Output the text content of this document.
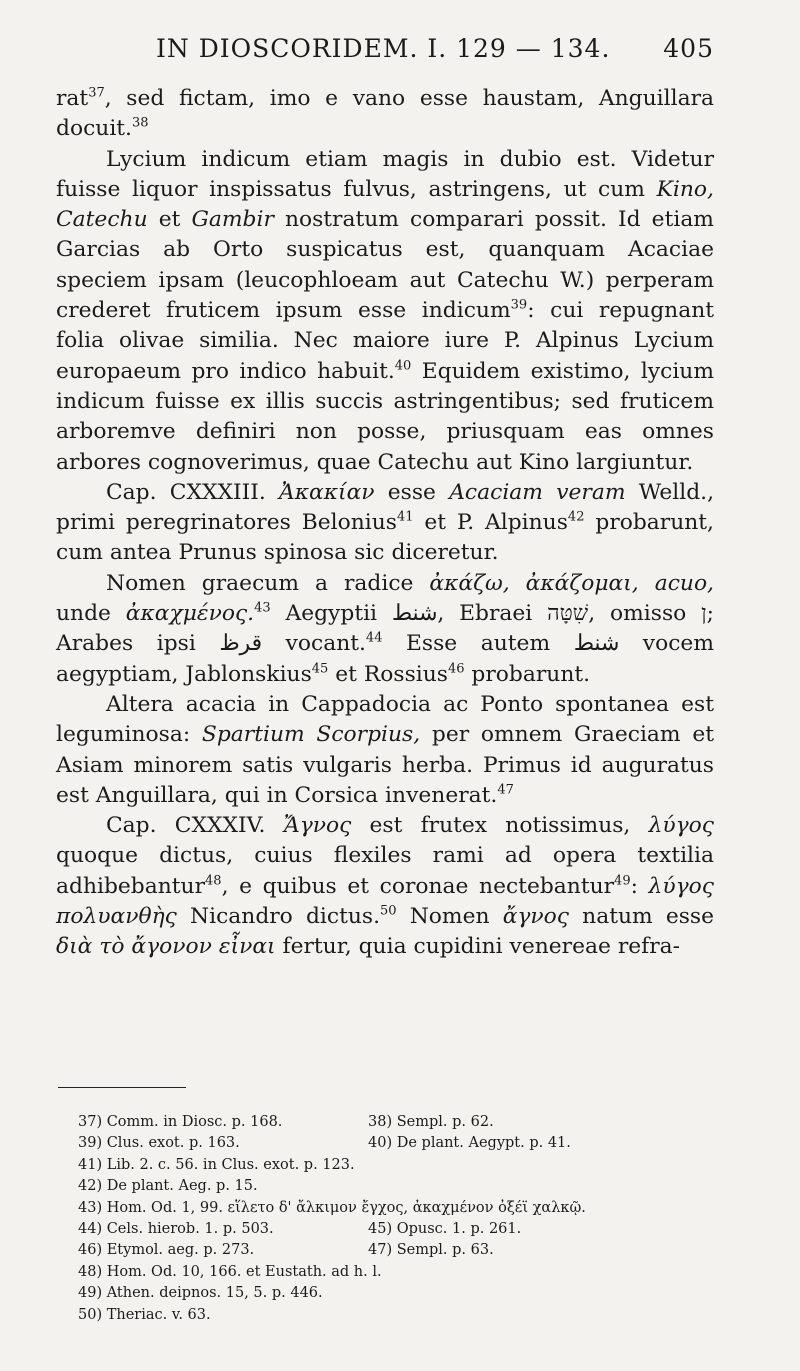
IN DIOSCORIDEM. I. 129 — 134. 405

rat$^{37}$, sed fictam, imo e vano esse haustam, Anguillara docuit.$^{38}$

Lycium indicum etiam magis in dubio est. Videtur fuisse liquor inspissatus fulvus, astringens, ut cum Kino, Catechu et Gambir nostratum comparari possit. Id etiam Garcias ab Orto suspicatus est, quanquam Acaciae speciem ipsam (leucophloeam aut Catechu W.) perperam crederet fruticem ipsum esse indicum$^{39}$: cui repugnant folia olivae similia. Nec maiore iure P. Alpinus Lycium europaeum pro indico habuit.$^{40}$ Equidem existimo, lycium indicum fuisse ex illis succis astringentibus; sed fruticem arboremve definiri non posse, priusquam eas omnes arbores cognoverimus, quae Catechu aut Kino largiuntur.

Cap. CXXXIII. Ἀκακίαν esse Acaciam veram Welld., primi peregrinatores Belonius$^{41}$ et P. Alpinus$^{42}$ probarunt, cum antea Prunus spinosa sic diceretur.

Nomen graecum a radice ἀκάζω, ἀκάζομαι, acuo, unde ἀκαχμένος.$^{43}$ Aegyptii شنط, Ebraei שִׁטָּה, omisso ן; Arabes ipsi قرظ vocant.$^{44}$ Esse autem شنط vocem aegyptiam, Jablonskius$^{45}$ et Rossius$^{46}$ probarunt.

Altera acacia in Cappadocia ac Ponto spontanea est leguminosa: Spartium Scorpius, per omnem Graeciam et Asiam minorem satis vulgaris herba. Primus id auguratus est Anguillara, qui in Corsica invenerat.$^{47}$

Cap. CXXXIV. Ἄγνος est frutex notissimus, λύγος quoque dictus, cuius flexiles rami ad opera textilia adhibebantur$^{48}$, e quibus et coronae nectebantur$^{49}$: λύγος πολυανθὴς Nicandro dictus.$^{50}$ Nomen ἄγνος natum esse διὰ τὸ ἄγονον εἶναι fertur, quia cupidini venereae refra-

37) Comm. in Diosc. p. 168.	38) Sempl. p. 62.
39) Clus. exot. p. 163.	40) De plant. Aegypt. p. 41.
41) Lib. 2. c. 56. in Clus. exot. p. 123.
42) De plant. Aeg. p. 15.
43) Hom. Od. 1, 99. εἵλετο δ' ἄλκιμον ἔγχος, ἀκαχμένον ὀξέϊ χαλκῷ.
44) Cels. hierob. 1. p. 503.	45) Opusc. 1. p. 261.
46) Etymol. aeg. p. 273.	47) Sempl. p. 63.
48) Hom. Od. 10, 166. et Eustath. ad h. l.
49) Athen. deipnos. 15, 5. p. 446.
50) Theriac. v. 63.
